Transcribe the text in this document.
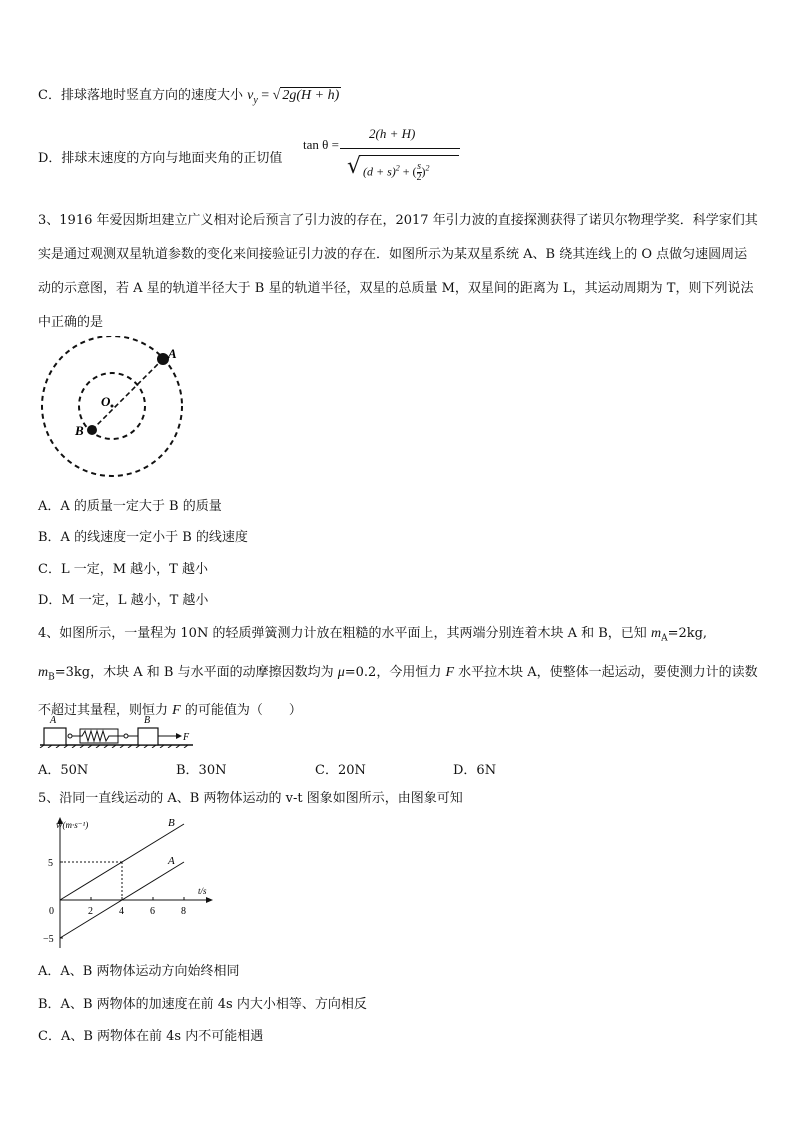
C．排球落地时竖直方向的速度大小 $v_y$ = √ 2g(H + h)
D．排球末速度的方向与地面夹角的正切值
tan θ =
2(h + H)
√ $(d + s)^2$ + ( $\frac{s}{2} )^2$
3、1916 年爱因斯坦建立广义相对论后预言了引力波的存在，2017 年引力波的直接探测获得了诺贝尔物理学奖．科学家们其实是通过观测双星轨道参数的变化来间接验证引力波的存在．如图所示为某双星系统 A、B 绕其连线上的 O 点做匀速圆周运动的示意图，若 A 星的轨道半径大于 B 星的轨道半径，双星的总质量 M，双星间的距离为 L，其运动周期为 T，则下列说法中正确的是
A
B
O
A．A 的质量一定大于 B 的质量
B．A 的线速度一定小于 B 的线速度
C．L 一定，M 越小，T 越小
D．M 一定，L 越小，T 越小
4、如图所示，一量程为 10N 的轻质弹簧测力计放在粗糙的水平面上，其两端分别连着木块 A 和 B，已知 $m_A=2kg$, $m_B=3kg$，木块 A 和 B 与水平面的动摩擦因数均为 μ=0.2，今用恒力 F 水平拉木块 A，使整体一起运动，要使测力计的读数不超过其量程，则恒力 F 的可能值为（　　）
A	B
F
A．50N	B．30N	C．20N	D．6N
5、沿同一直线运动的 A、B 两物体运动的 v-t 图象如图所示，由图象可知
v/(m·s⁻¹)
t/s
0	2	4	6	8
5
−5
B
A
A．A、B 两物体运动方向始终相同
B．A、B 两物体的加速度在前 4s 内大小相等、方向相反
C．A、B 两物体在前 4s 内不可能相遇
